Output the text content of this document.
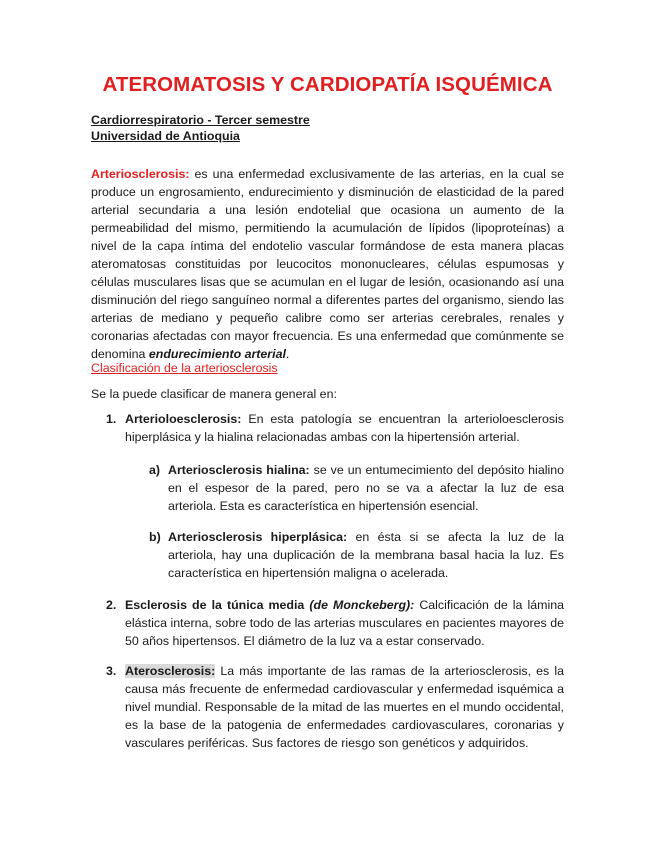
ATEROMATOSIS Y CARDIOPATÍA ISQUÉMICA
Cardiorrespiratorio - Tercer semestre
Universidad de Antioquia

Arteriosclerosis: es una enfermedad exclusivamente de las arterias, en la cual se produce un engrosamiento, endurecimiento y disminución de elasticidad de la pared arterial secundaria a una lesión endotelial que ocasiona un aumento de la permeabilidad del mismo, permitiendo la acumulación de lípidos (lipoproteínas) a nivel de la capa íntima del endotelio vascular formándose de esta manera placas ateromatosas constituidas por leucocitos mononucleares, células espumosas y células musculares lisas que se acumulan en el lugar de lesión, ocasionando así una disminución del riego sanguíneo normal a diferentes partes del organismo, siendo las arterias de mediano y pequeño calibre como ser arterias cerebrales, renales y coronarias afectadas con mayor frecuencia. Es una enfermedad que comúnmente se denomina endurecimiento arterial.

Clasificación de la arteriosclerosis
Se la puede clasificar de manera general en:
1. Arterioloesclerosis: En esta patología se encuentran la arterioloesclerosis hiperplásica y la hialina relacionadas ambas con la hipertensión arterial.

a) Arteriosclerosis hialina: se ve un entumecimiento del depósito hialino en el espesor de la pared, pero no se va a afectar la luz de esa arteriola. Esta es característica en hipertensión esencial.

b) Arteriosclerosis hiperplásica: en ésta si se afecta la luz de la arteriola, hay una duplicación de la membrana basal hacia la luz. Es característica en hipertensión maligna o acelerada.

2. Esclerosis de la túnica media (de Monckeberg): Calcificación de la lámina elástica interna, sobre todo de las arterias musculares en pacientes mayores de 50 años hipertensos. El diámetro de la luz va a estar conservado.

3. Aterosclerosis: La más importante de las ramas de la arteriosclerosis, es la causa más frecuente de enfermedad cardiovascular y enfermedad isquémica a nivel mundial. Responsable de la mitad de las muertes en el mundo occidental, es la base de la patogenia de enfermedades cardiovasculares, coronarias y vasculares periféricas. Sus factores de riesgo son genéticos y adquiridos.
